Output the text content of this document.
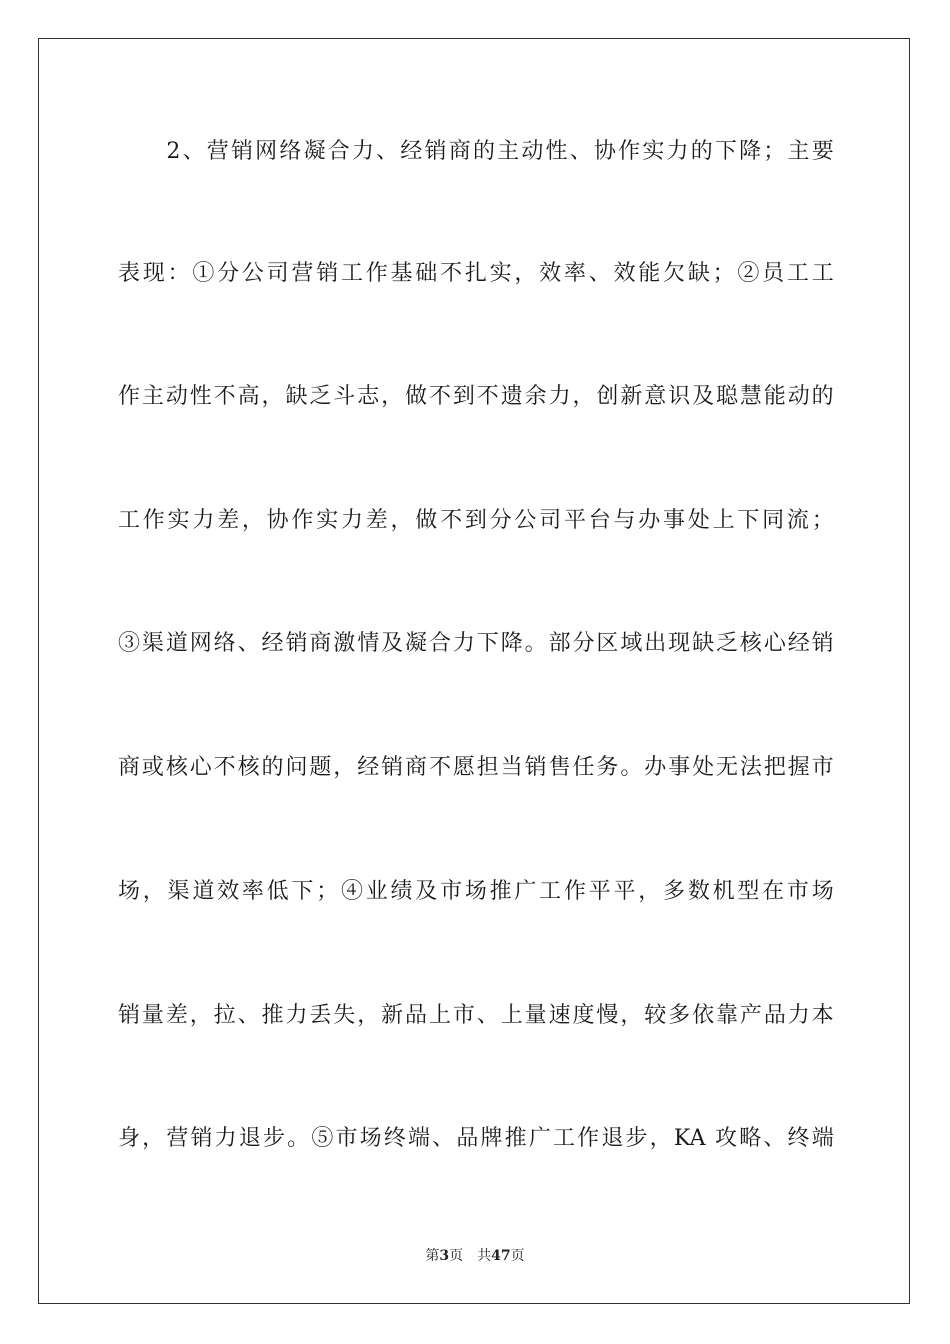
　　2、营销网络凝合力、经销商的主动性、协作实力的下降；主要
表现：①分公司营销工作基础不扎实，效率、效能欠缺；②员工工
作主动性不高，缺乏斗志，做不到不遗余力，创新意识及聪慧能动的
工作实力差，协作实力差，做不到分公司平台与办事处上下同流；
③渠道网络、经销商激情及凝合力下降。部分区域出现缺乏核心经销
商或核心不核的问题，经销商不愿担当销售任务。办事处无法把握市
场，渠道效率低下；④业绩及市场推广工作平平，多数机型在市场
销量差，拉、推力丢失，新品上市、上量速度慢，较多依靠产品力本
身，营销力退步。⑤市场终端、品牌推广工作退步，KA 攻略、终端
第3页 共47页
